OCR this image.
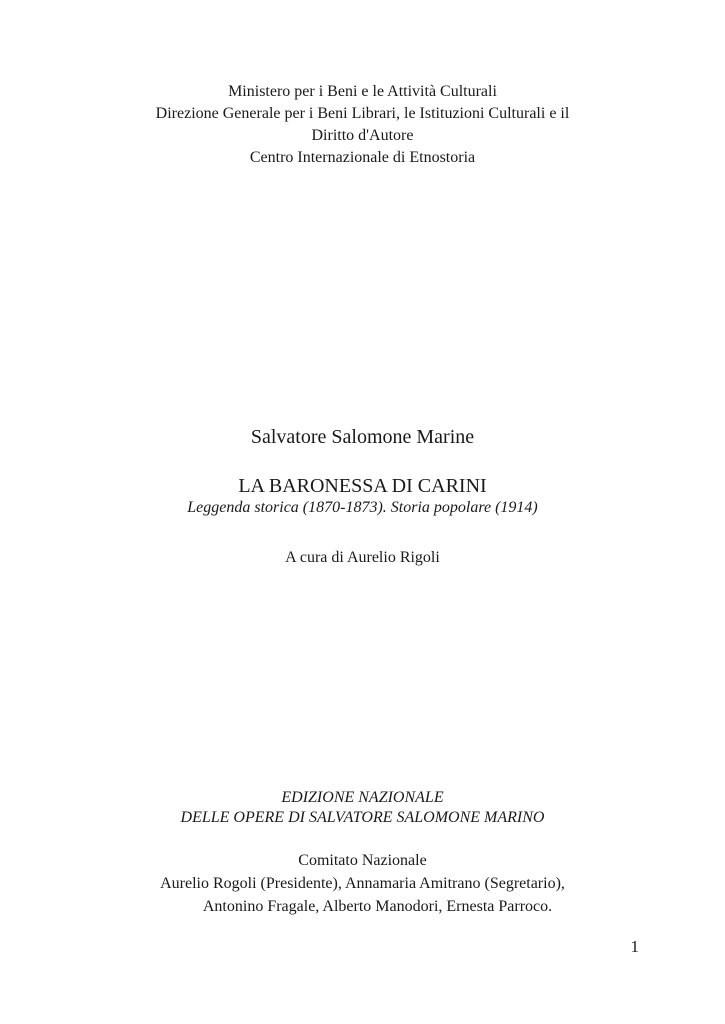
Ministero per i Beni e le Attività Culturali
Direzione Generale per i Beni Librari, le Istituzioni Culturali e il
Diritto d'Autore
Centro Internazionale di Etnostoria
Salvatore Salomone Marine
LA BARONESSA DI CARINI
Leggenda storica (1870-1873). Storia popolare (1914)
A cura di Aurelio Rigoli
EDIZIONE NAZIONALE
DELLE OPERE DI SALVATORE SALOMONE MARINO
Comitato Nazionale
Aurelio Rogoli (Presidente), Annamaria Amitrano (Segretario),
Antonino Fragale, Alberto Manodori, Ernesta Parroco.
1
